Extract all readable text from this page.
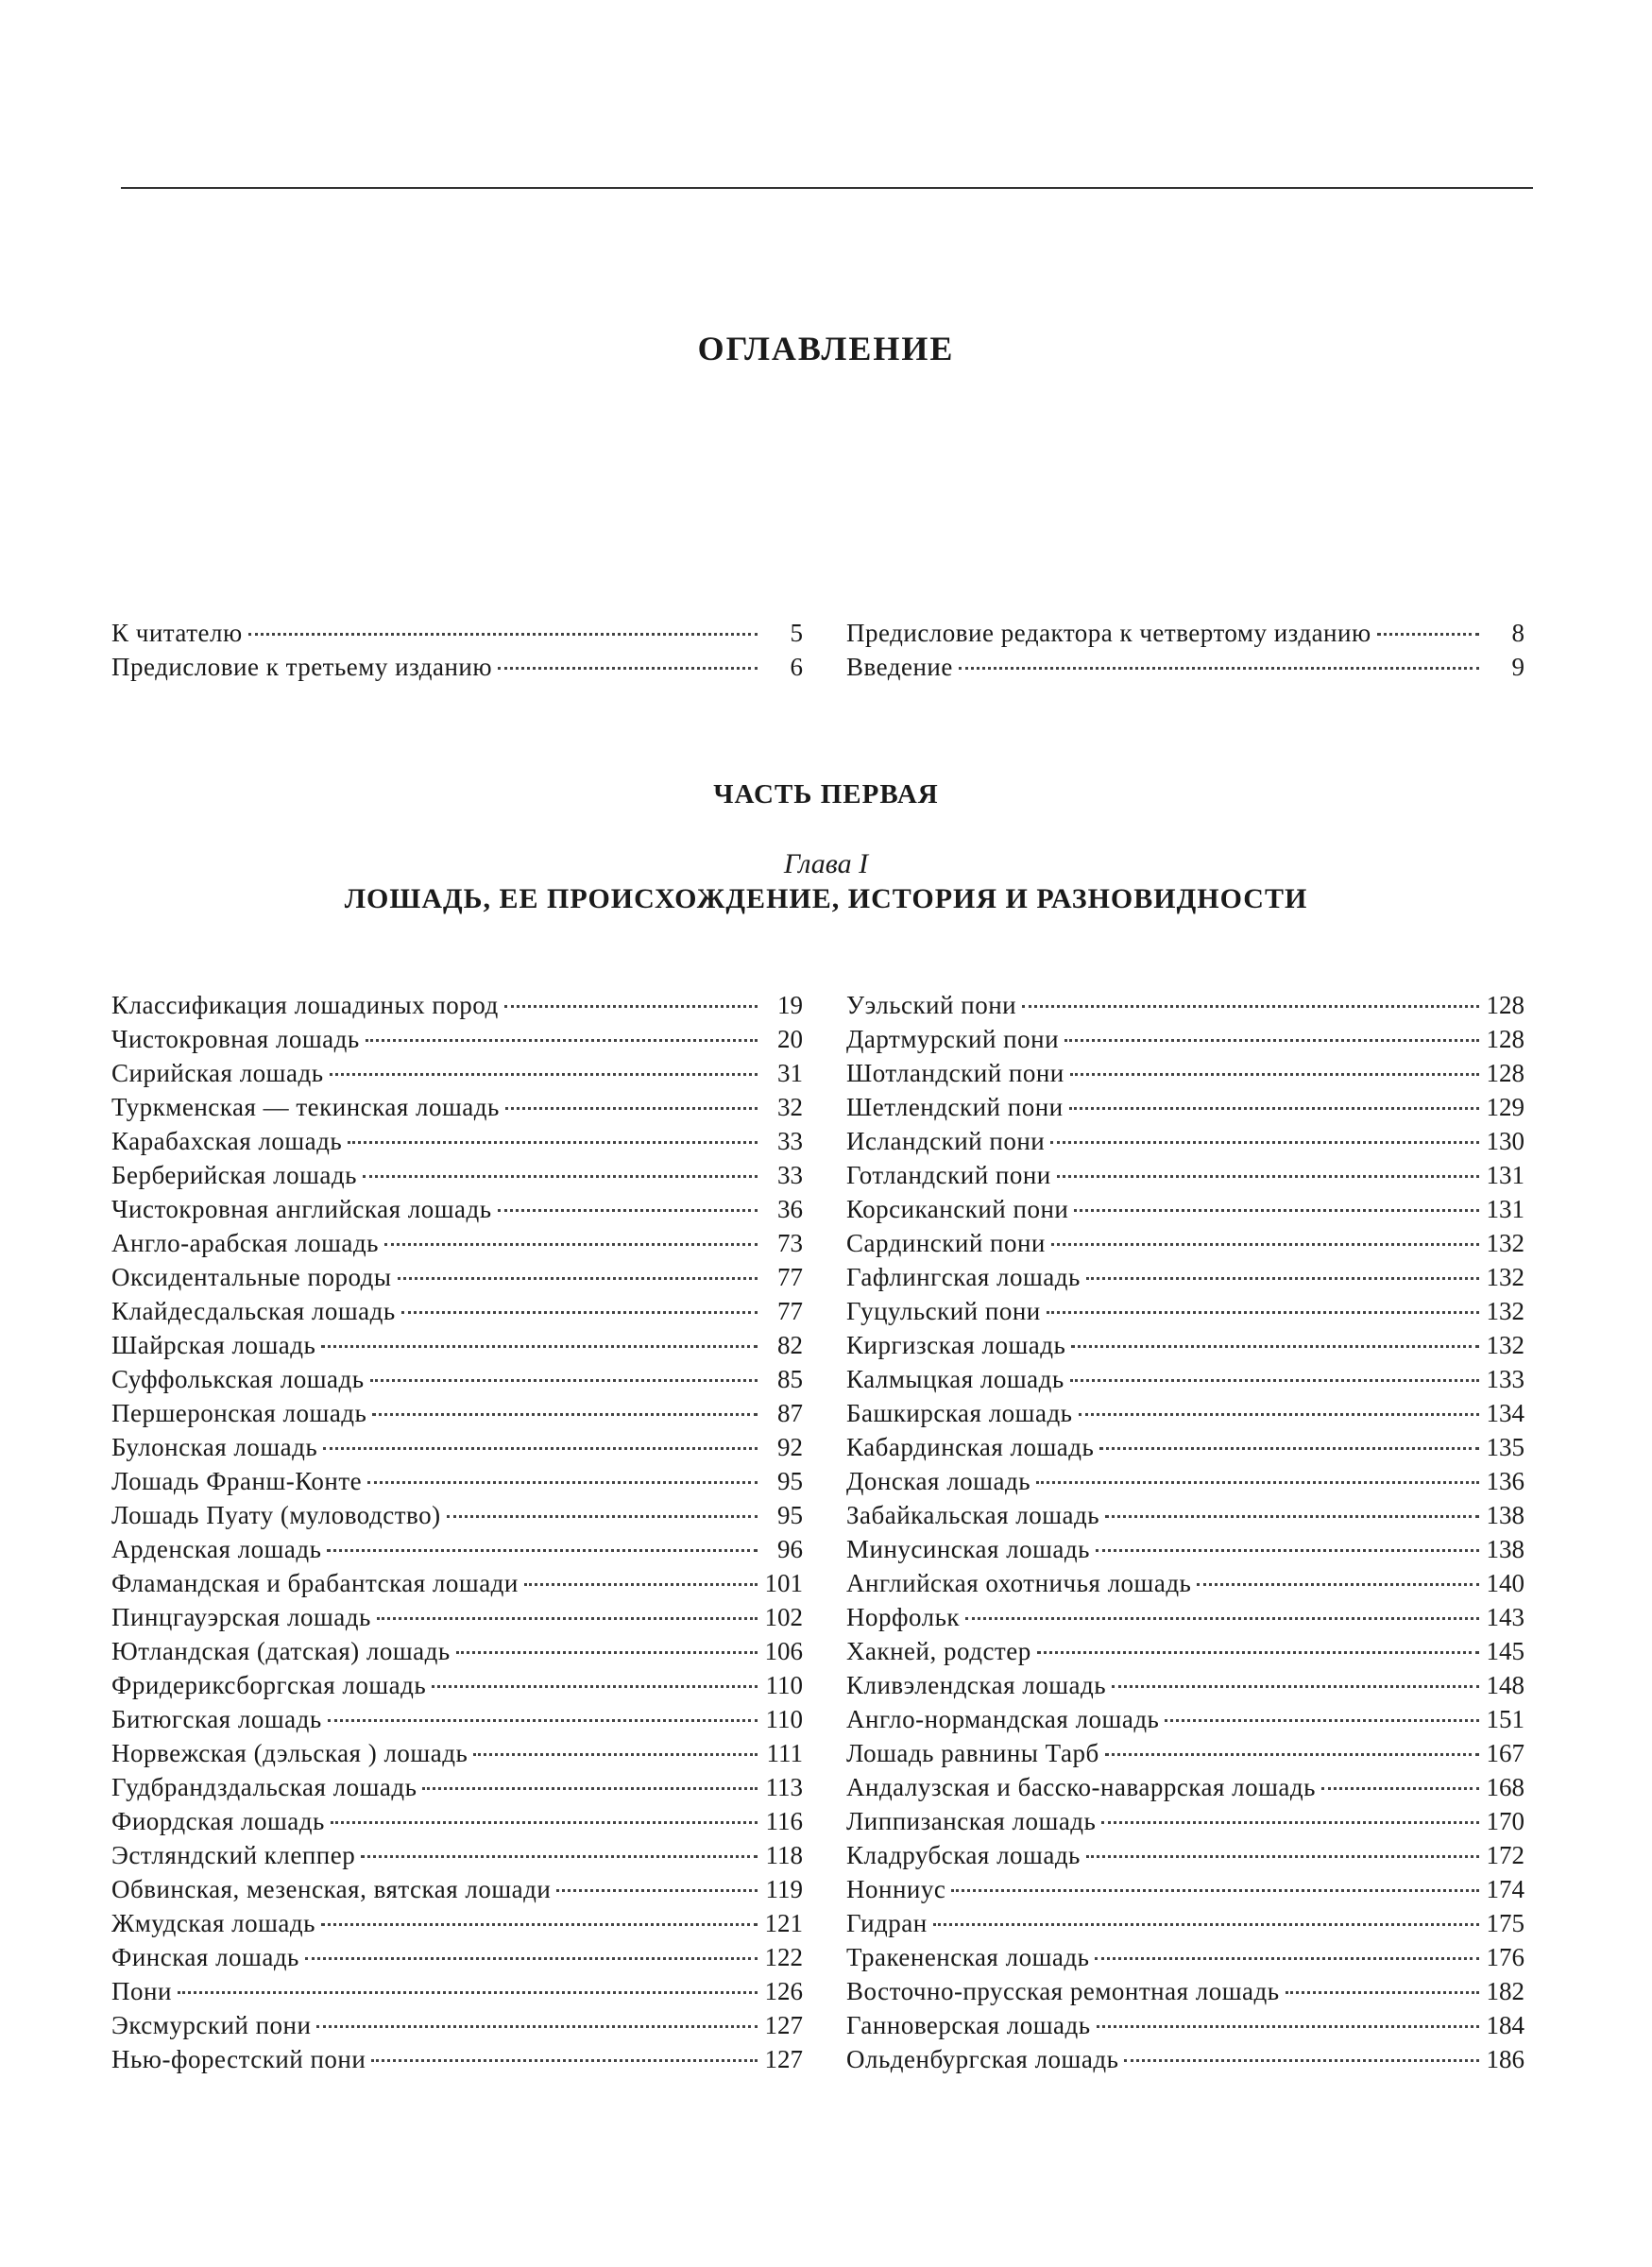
ОГЛАВЛЕНИЕ
К читателю	5
Предисловие к третьему изданию	6
Предисловие редактора к четвертому изданию	8
Введение	9
ЧАСТЬ ПЕРВАЯ
Глава I
ЛОШАДЬ, ЕЕ ПРОИСХОЖДЕНИЕ, ИСТОРИЯ И РАЗНОВИДНОСТИ
Классификация лошадиных пород	19
Чистокровная лошадь	20
Сирийская лошадь	31
Туркменская — текинская лошадь	32
Карабахская лошадь	33
Берберийская лошадь	33
Чистокровная английская лошадь	36
Англо-арабская лошадь	73
Оксидентальные породы	77
Клайдесдальская лошадь	77
Шайрская лошадь	82
Суффолькская лошадь	85
Першеронская лошадь	87
Булонская лошадь	92
Лошадь Франш-Конте	95
Лошадь Пуату (муловодство)	95
Арденская лошадь	96
Фламандская и брабантская лошади	101
Пинцгауэрская лошадь	102
Ютландская (датская) лошадь	106
Фридериксборгская лошадь	110
Битюгская лошадь	110
Норвежская (дэльская ) лошадь	111
Гудбрандздальская лошадь	113
Фиордская лошадь	116
Эстляндский клеппер	118
Обвинская, мезенская, вятская лошади	119
Жмудская лошадь	121
Финская лошадь	122
Пони	126
Эксмурский пони	127
Нью-форестский пони	127
Уэльский пони	128
Дартмурский пони	128
Шотландский пони	128
Шетлендский пони	129
Исландский пони	130
Готландский пони	131
Корсиканский пони	131
Сардинский пони	132
Гафлингская лошадь	132
Гуцульский пони	132
Киргизская лошадь	132
Калмыцкая лошадь	133
Башкирская лошадь	134
Кабардинская лошадь	135
Донская лошадь	136
Забайкальская лошадь	138
Минусинская лошадь	138
Английская охотничья лошадь	140
Норфольк	143
Хакней, родстер	145
Кливэлендская лошадь	148
Англо-нормандская лошадь	151
Лошадь равнины Тарб	167
Андалузская и басско-наваррская лошадь	168
Липпизанская лошадь	170
Кладрубская лошадь	172
Нонниус	174
Гидран	175
Тракененская лошадь	176
Восточно-прусская ремонтная лошадь	182
Ганноверская лошадь	184
Ольденбургская лошадь	186
